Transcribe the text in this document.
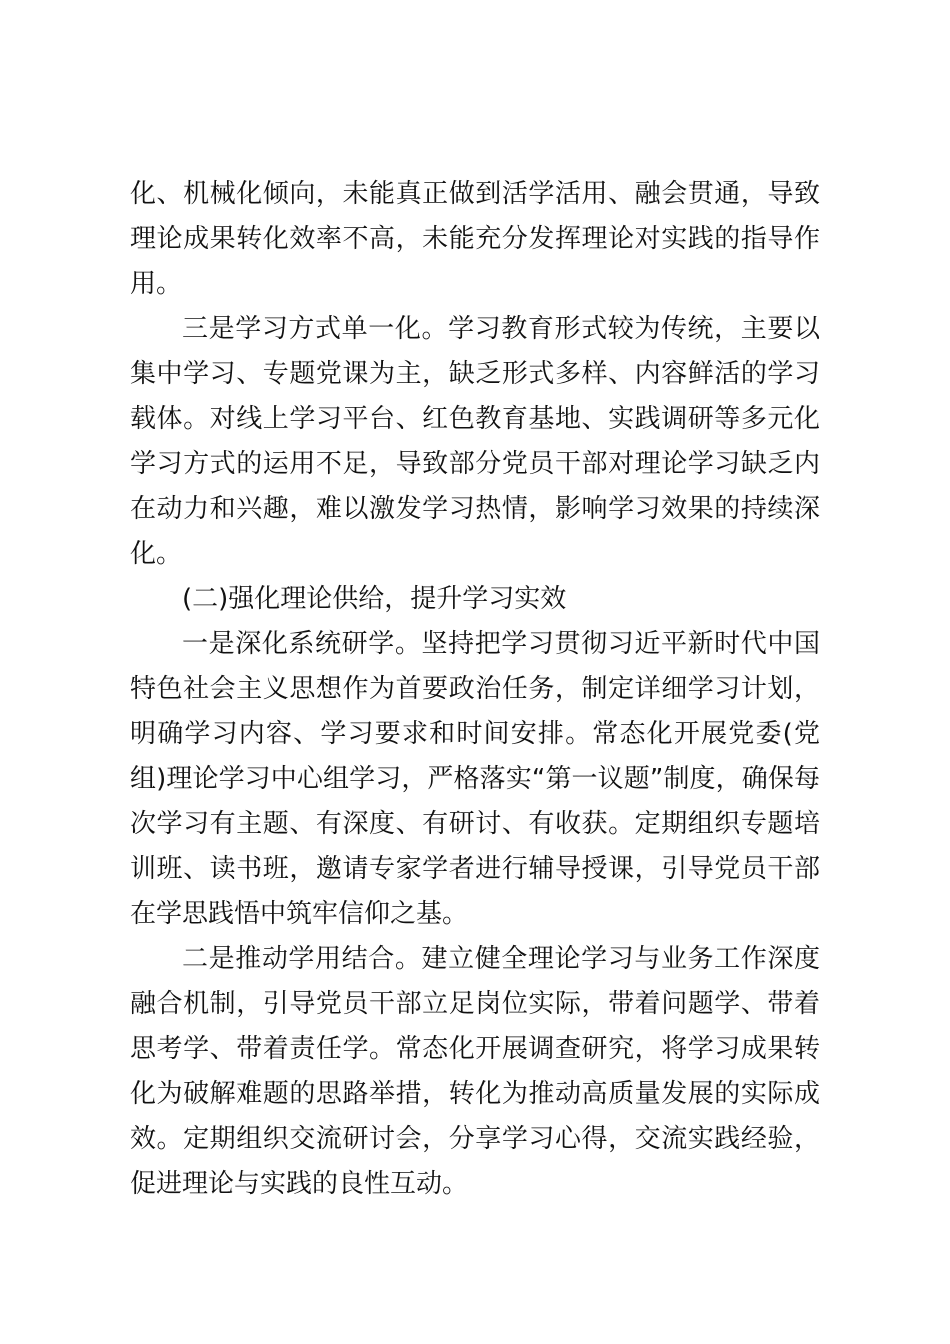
化、机械化倾向，未能真正做到活学活用、融会贯通，导致理论成果转化效率不高，未能充分发挥理论对实践的指导作用。

三是学习方式单一化。学习教育形式较为传统，主要以集中学习、专题党课为主，缺乏形式多样、内容鲜活的学习载体。对线上学习平台、红色教育基地、实践调研等多元化学习方式的运用不足，导致部分党员干部对理论学习缺乏内在动力和兴趣，难以激发学习热情，影响学习效果的持续深化。

(二)强化理论供给，提升学习实效

一是深化系统研学。坚持把学习贯彻习近平新时代中国特色社会主义思想作为首要政治任务，制定详细学习计划，明确学习内容、学习要求和时间安排。常态化开展党委(党组)理论学习中心组学习，严格落实“第一议题”制度，确保每次学习有主题、有深度、有研讨、有收获。定期组织专题培训班、读书班，邀请专家学者进行辅导授课，引导党员干部在学思践悟中筑牢信仰之基。

二是推动学用结合。建立健全理论学习与业务工作深度融合机制，引导党员干部立足岗位实际，带着问题学、带着思考学、带着责任学。常态化开展调查研究，将学习成果转化为破解难题的思路举措，转化为推动高质量发展的实际成效。定期组织交流研讨会，分享学习心得，交流实践经验，促进理论与实践的良性互动。
